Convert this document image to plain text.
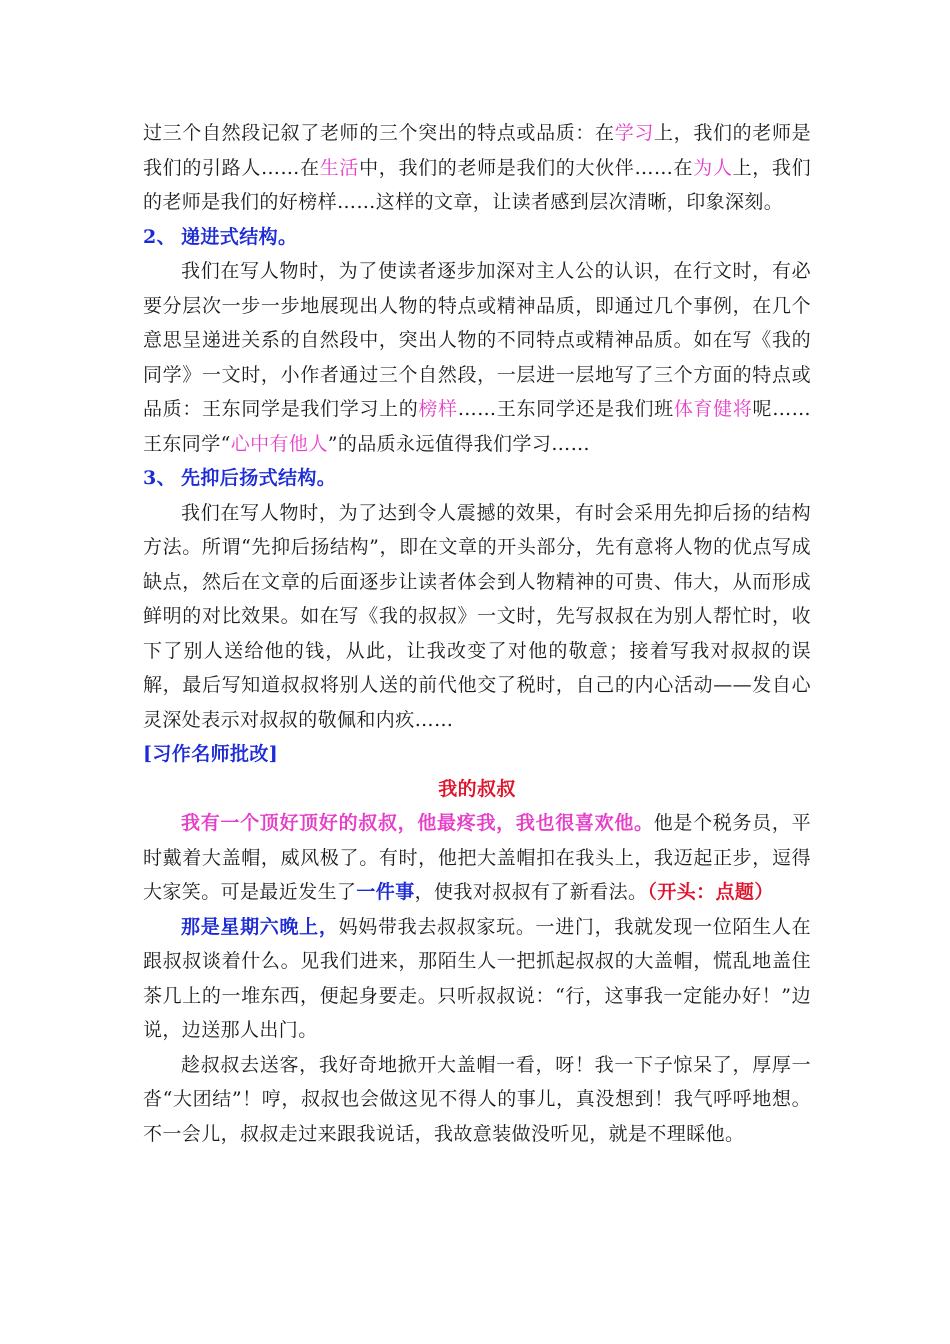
过三个自然段记叙了老师的三个突出的特点或品质：在学习上，我们的老师是我们的引路人……在生活中，我们的老师是我们的大伙伴……在为人上，我们的老师是我们的好榜样……这样的文章，让读者感到层次清晰，印象深刻。

2、 递进式结构。

我们在写人物时，为了使读者逐步加深对主人公的认识，在行文时，有必要分层次一步一步地展现出人物的特点或精神品质，即通过几个事例，在几个意思呈递进关系的自然段中，突出人物的不同特点或精神品质。如在写《我的同学》一文时，小作者通过三个自然段，一层进一层地写了三个方面的特点或品质：王东同学是我们学习上的榜样……王东同学还是我们班体育健将呢……王东同学“心中有他人”的品质永远值得我们学习……

3、 先抑后扬式结构。

我们在写人物时，为了达到令人震撼的效果，有时会采用先抑后扬的结构方法。所谓“先抑后扬结构”，即在文章的开头部分，先有意将人物的优点写成缺点，然后在文章的后面逐步让读者体会到人物精神的可贵、伟大，从而形成鲜明的对比效果。如在写《我的叔叔》一文时，先写叔叔在为别人帮忙时，收下了别人送给他的钱，从此，让我改变了对他的敬意；接着写我对叔叔的误解，最后写知道叔叔将别人送的前代他交了税时，自己的内心活动——发自心灵深处表示对叔叔的敬佩和内疚……

[习作名师批改]

我的叔叔

我有一个顶好顶好的叔叔，他最疼我，我也很喜欢他。他是个税务员，平时戴着大盖帽，威风极了。有时，他把大盖帽扣在我头上，我迈起正步，逗得大家笑。可是最近发生了一件事，使我对叔叔有了新看法。（开头：点题）

那是星期六晚上，妈妈带我去叔叔家玩。一进门，我就发现一位陌生人在跟叔叔谈着什么。见我们进来，那陌生人一把抓起叔叔的大盖帽，慌乱地盖住茶几上的一堆东西，便起身要走。只听叔叔说：“行，这事我一定能办好！”边说，边送那人出门。

趁叔叔去送客，我好奇地掀开大盖帽一看，呀！我一下子惊呆了，厚厚一沓“大团结”！哼，叔叔也会做这见不得人的事儿，真没想到！我气呼呼地想。不一会儿，叔叔走过来跟我说话，我故意装做没听见，就是不理睬他。
